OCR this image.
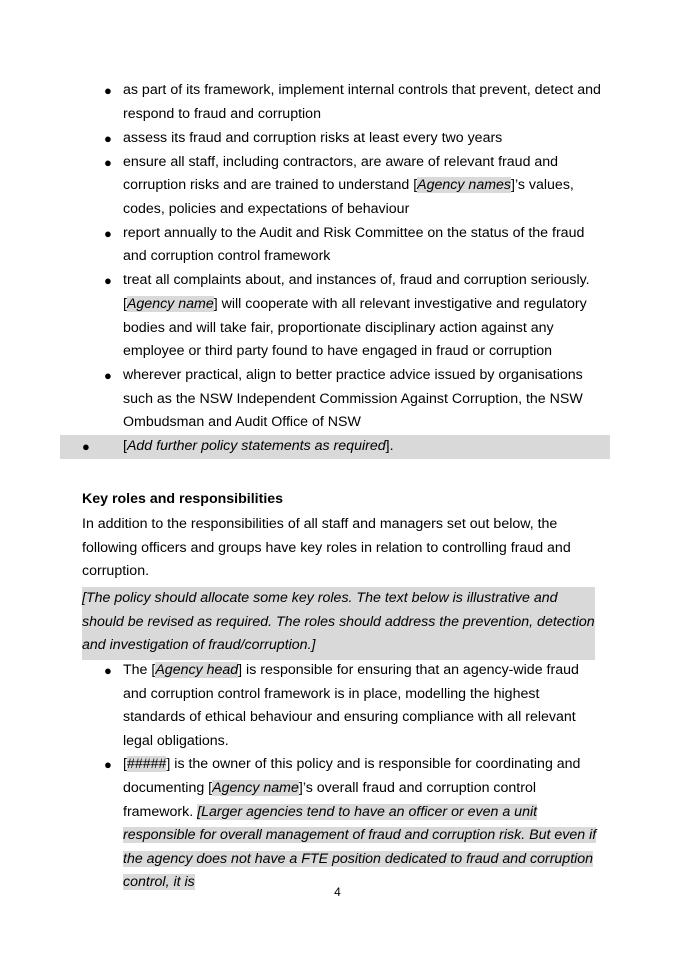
● as part of its framework, implement internal controls that prevent, detect and respond to fraud and corruption
● assess its fraud and corruption risks at least every two years
● ensure all staff, including contractors, are aware of relevant fraud and corruption risks and are trained to understand [Agency names]’s values, codes, policies and expectations of behaviour
● report annually to the Audit and Risk Committee on the status of the fraud and corruption control framework
● treat all complaints about, and instances of, fraud and corruption seriously. [Agency name] will cooperate with all relevant investigative and regulatory bodies and will take fair, proportionate disciplinary action against any employee or third party found to have engaged in fraud or corruption
● wherever practical, align to better practice advice issued by organisations such as the NSW Independent Commission Against Corruption, the NSW Ombudsman and Audit Office of NSW
● [Add further policy statements as required].
Key roles and responsibilities
In addition to the responsibilities of all staff and managers set out below, the following officers and groups have key roles in relation to controlling fraud and corruption.
[The policy should allocate some key roles. The text below is illustrative and should be revised as required. The roles should address the prevention, detection and investigation of fraud/corruption.]
● The [Agency head] is responsible for ensuring that an agency-wide fraud and corruption control framework is in place, modelling the highest standards of ethical behaviour and ensuring compliance with all relevant legal obligations.
● [#####] is the owner of this policy and is responsible for coordinating and documenting [Agency name]’s overall fraud and corruption control framework. [Larger agencies tend to have an officer or even a unit responsible for overall management of fraud and corruption risk. But even if the agency does not have a FTE position dedicated to fraud and corruption control, it is
4
